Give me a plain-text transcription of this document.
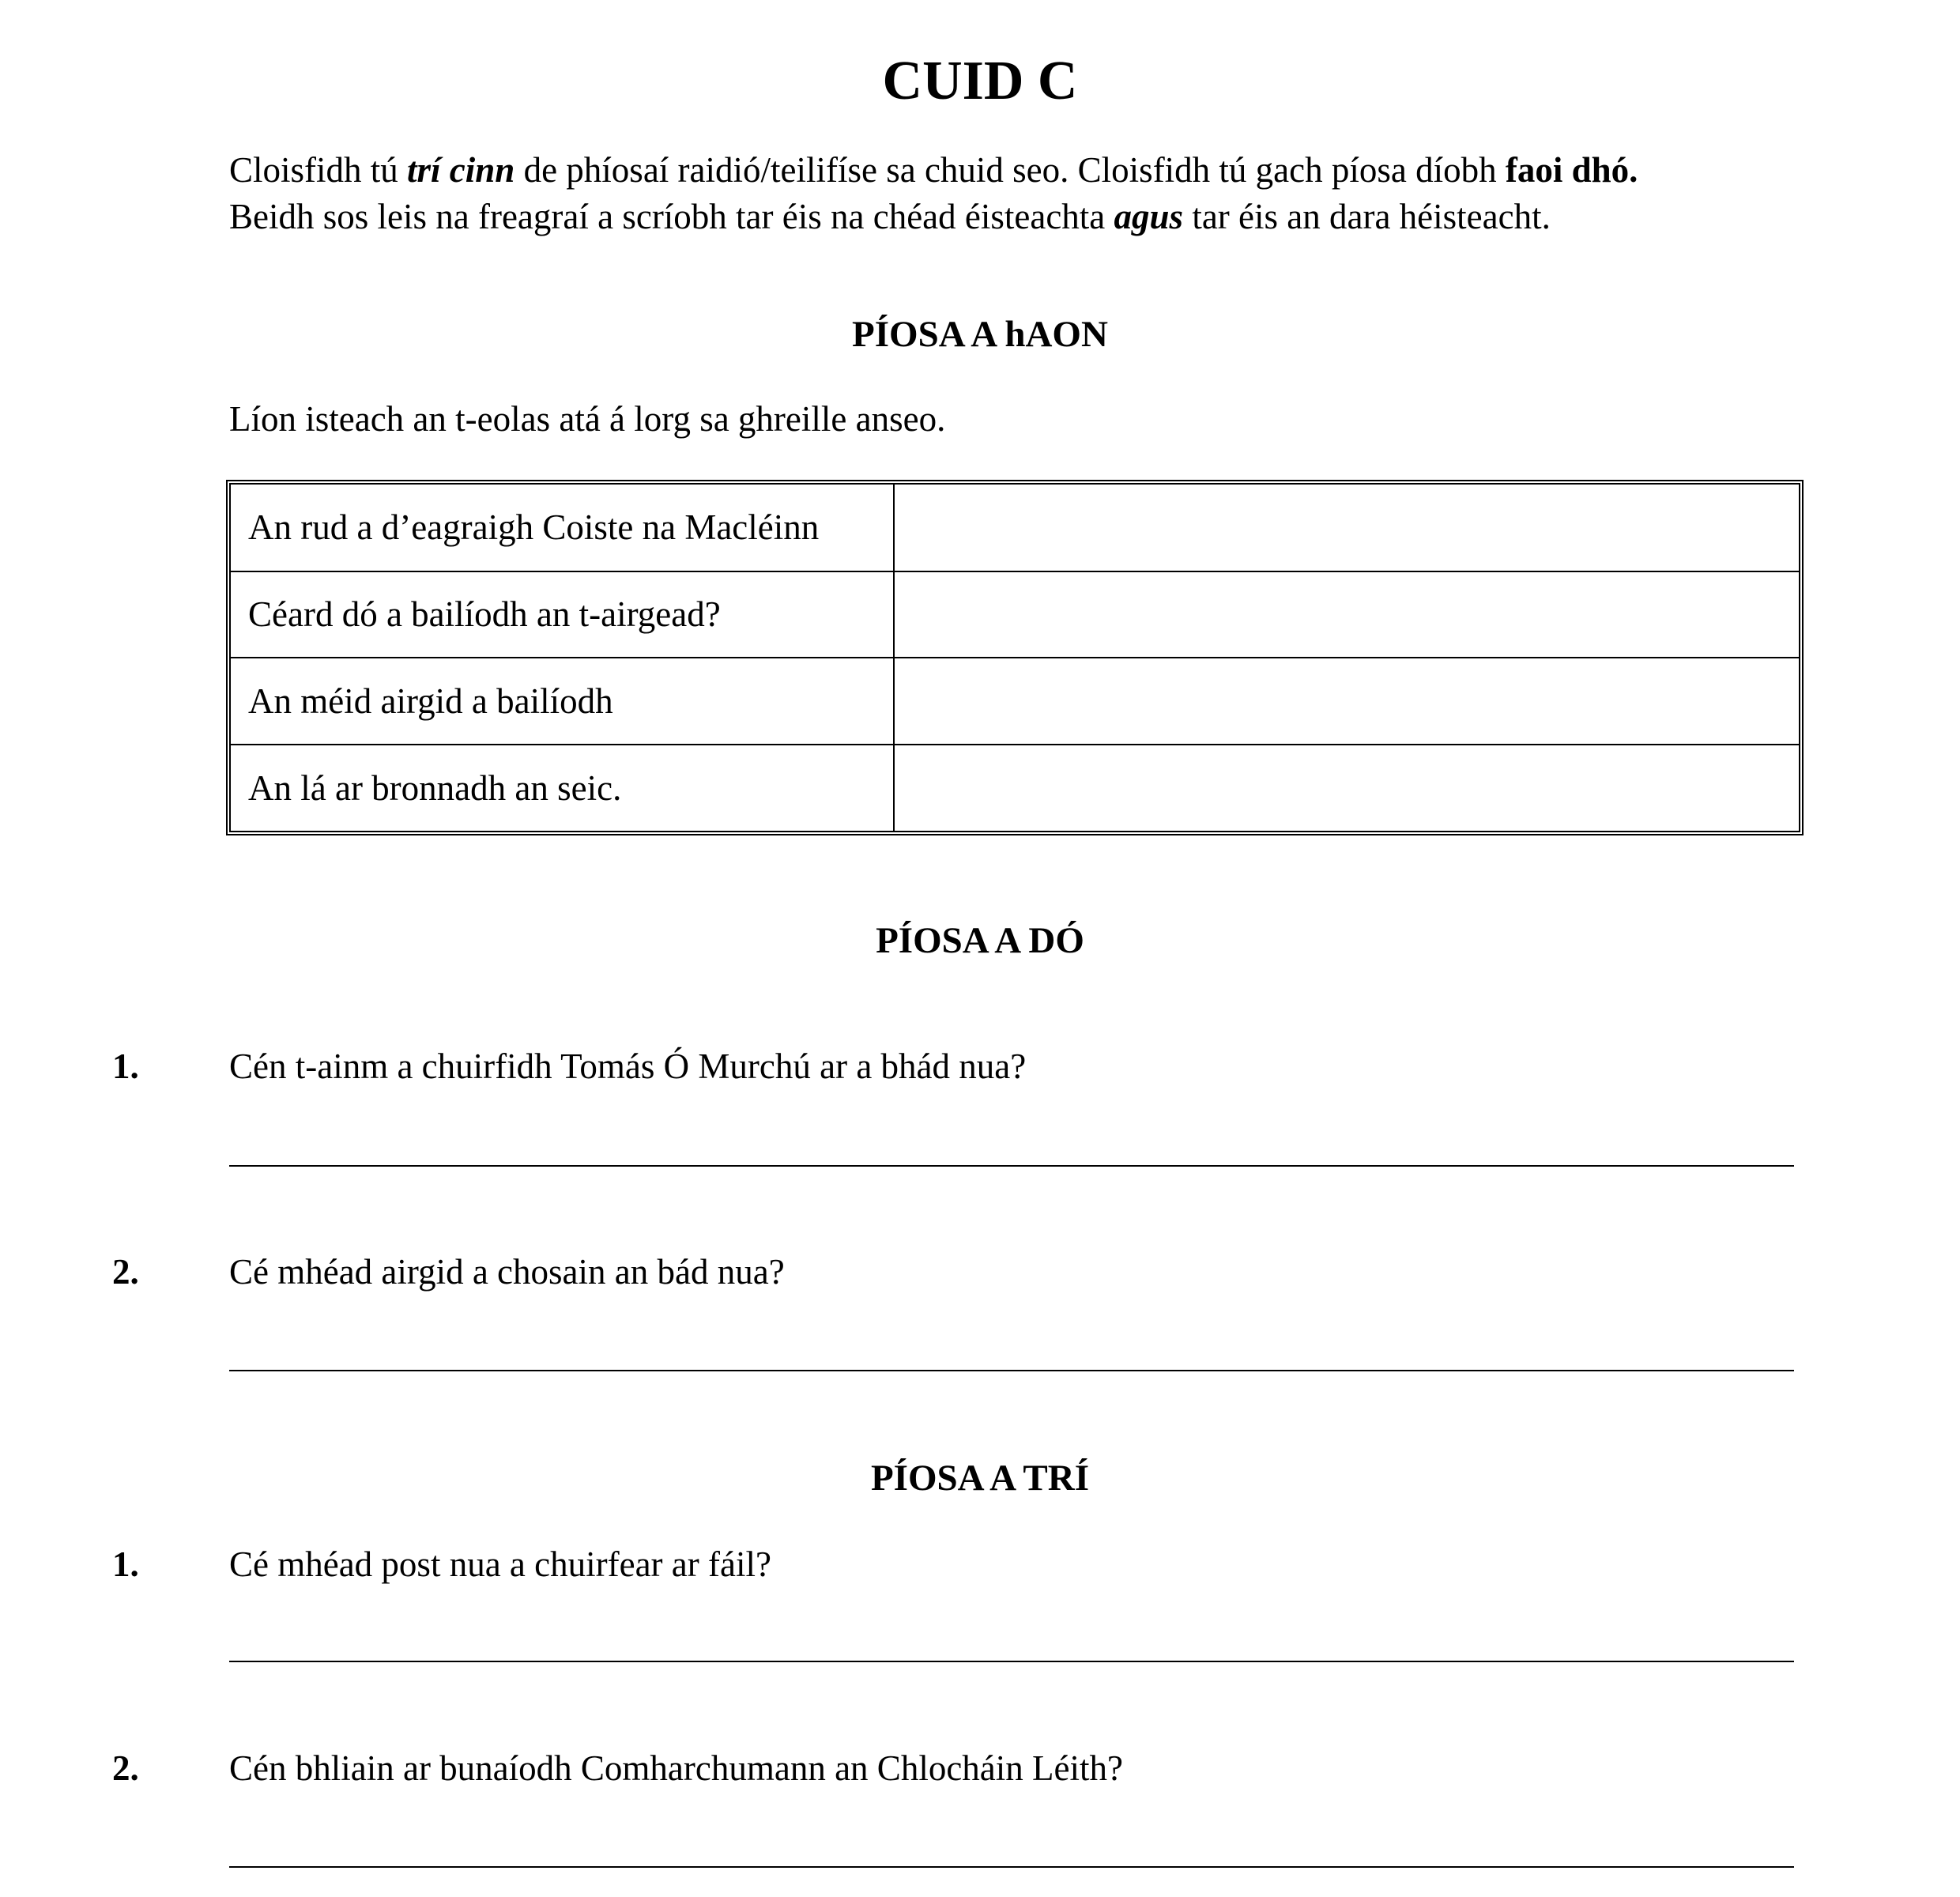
CUID C

Cloisfidh tú trí cinn de phíosaí raidió/teilifíse sa chuid seo. Cloisfidh tú gach píosa díobh faoi dhó.

Beidh sos leis na freagraí a scríobh tar éis na chéad éisteachta agus tar éis an dara héisteacht.

PÍOSA A hAON
Líon isteach an t-eolas atá á lorg sa ghreille anseo.
An rud a d’eagraigh Coiste na Macléinn	
Céard dó a bailíodh an t-airgead?	
An méid airgid a bailíodh	
An lá ar bronnadh an seic.	
PÍOSA A DÓ
1.	Cén t-ainm a chuirfidh Tomás Ó Murchú ar a bhád nua?
2.	Cé mhéad airgid a chosain an bád nua?
PÍOSA A TRÍ
1.	Cé mhéad post nua a chuirfear ar fáil?
2.	Cén bhliain ar bunaíodh Comharchumann an Chlocháin Léith?
